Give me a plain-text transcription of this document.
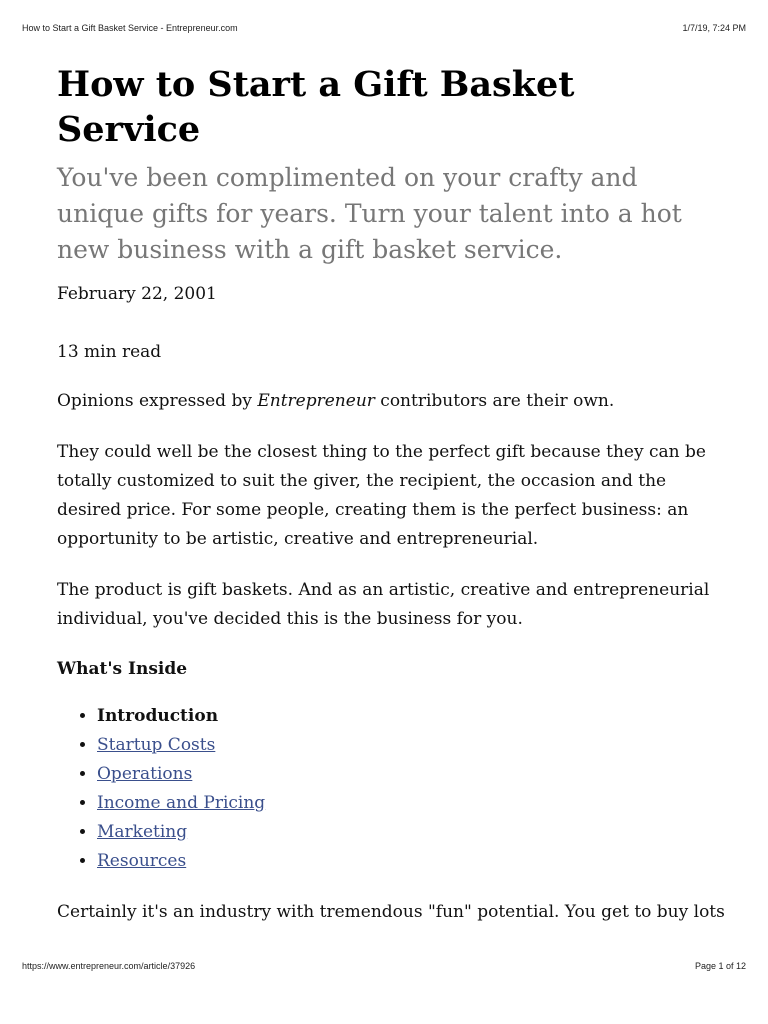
How to Start a Gift Basket Service - Entrepreneur.com	1/7/19, 7:24 PM
How to Start a Gift Basket Service

You've been complimented on your crafty and unique gifts for years. Turn your talent into a hot new business with a gift basket service.

February 22, 2001

13 min read

Opinions expressed by Entrepreneur contributors are their own.

They could well be the closest thing to the perfect gift because they can be totally customized to suit the giver, the recipient, the occasion and the desired price. For some people, creating them is the perfect business: an opportunity to be artistic, creative and entrepreneurial.

The product is gift baskets. And as an artistic, creative and entrepreneurial individual, you've decided this is the business for you.

What's Inside
• Introduction
• Startup Costs
• Operations
• Income and Pricing
• Marketing
• Resources

Certainly it's an industry with tremendous "fun" potential. You get to buy lots

https://www.entrepreneur.com/article/37926	Page 1 of 12
